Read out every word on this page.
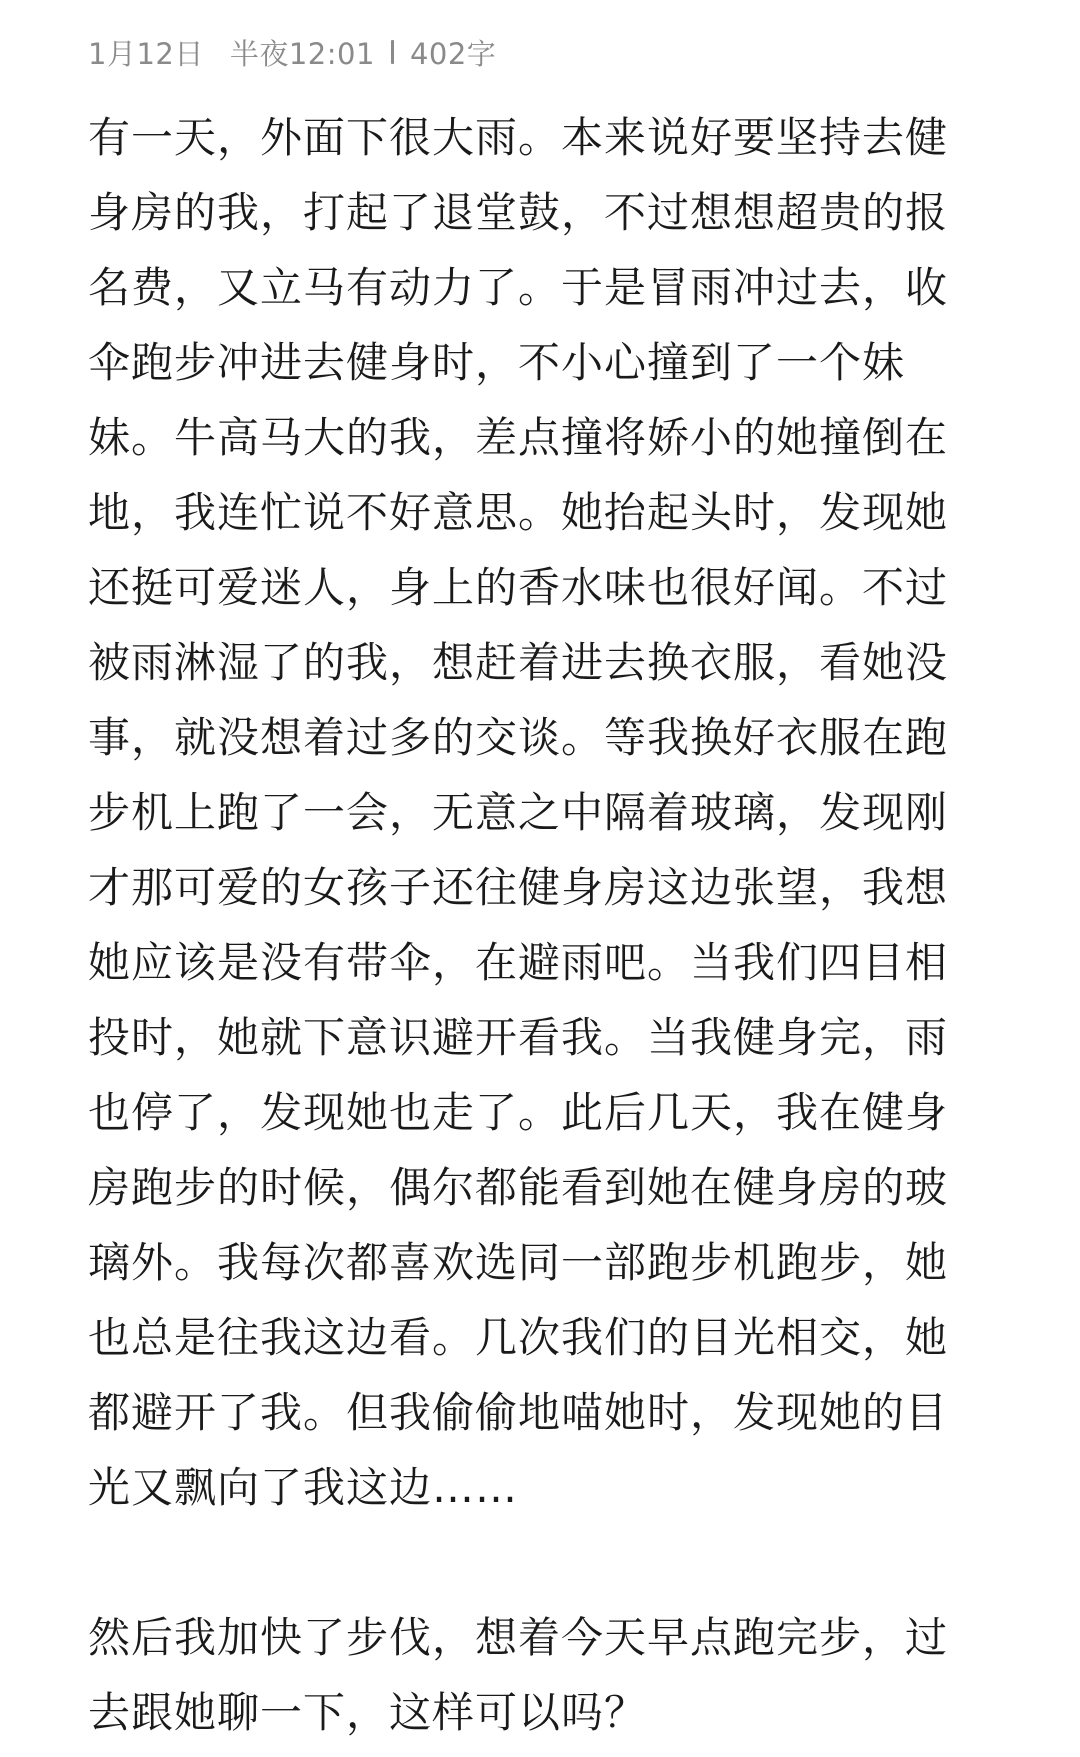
1月12日 半夜12:01 402字

有一天，外面下很大雨。本来说好要坚持去健身房的我，打起了退堂鼓，不过想想超贵的报名费，又立马有动力了。于是冒雨冲过去，收伞跑步冲进去健身时，不小心撞到了一个妹妹。牛高马大的我，差点撞将娇小的她撞倒在地，我连忙说不好意思。她抬起头时，发现她还挺可爱迷人，身上的香水味也很好闻。不过被雨淋湿了的我，想赶着进去换衣服，看她没事，就没想着过多的交谈。等我换好衣服在跑步机上跑了一会，无意之中隔着玻璃，发现刚才那可爱的女孩子还往健身房这边张望，我想她应该是没有带伞，在避雨吧。当我们四目相投时，她就下意识避开看我。当我健身完，雨也停了，发现她也走了。此后几天，我在健身房跑步的时候，偶尔都能看到她在健身房的玻璃外。我每次都喜欢选同一部跑步机跑步，她也总是往我这边看。几次我们的目光相交，她都避开了我。但我偷偷地喵她时，发现她的目光又飘向了我这边……

然后我加快了步伐，想着今天早点跑完步，过去跟她聊一下，这样可以吗？
